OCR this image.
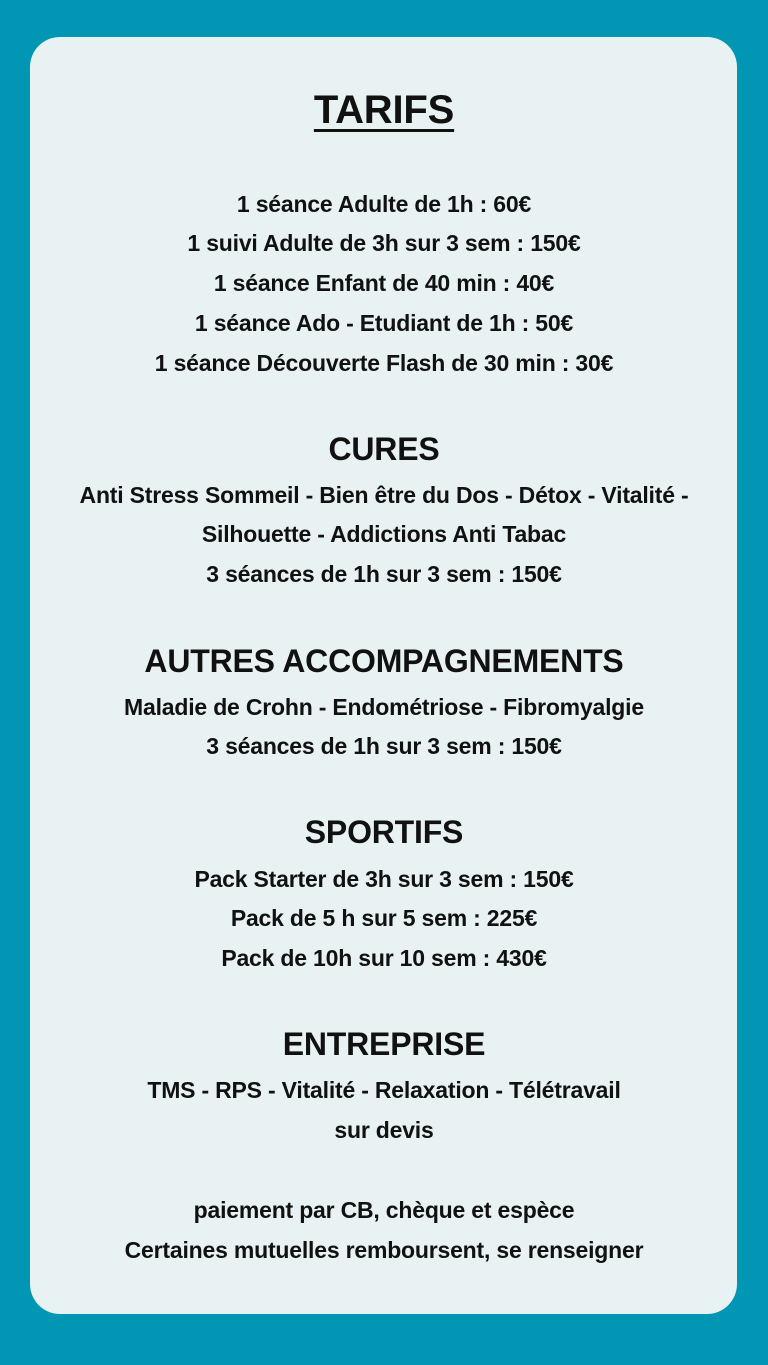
TARIFS
1 séance Adulte de 1h : 60€
1 suivi Adulte de 3h sur 3 sem : 150€
1 séance Enfant de 40 min : 40€
1 séance Ado - Etudiant de 1h : 50€
1 séance Découverte Flash de 30 min : 30€
CURES
Anti Stress Sommeil - Bien être du Dos - Détox - Vitalité -
Silhouette - Addictions Anti Tabac
3 séances de 1h sur 3 sem : 150€
AUTRES ACCOMPAGNEMENTS
Maladie de Crohn - Endométriose - Fibromyalgie
3 séances de 1h sur 3 sem : 150€
SPORTIFS
Pack Starter de 3h sur 3 sem : 150€
Pack de 5 h sur 5 sem : 225€
Pack de 10h sur 10 sem : 430€
ENTREPRISE
TMS - RPS - Vitalité - Relaxation - Télétravail
sur devis
paiement par CB, chèque et espèce
Certaines mutuelles remboursent, se renseigner
